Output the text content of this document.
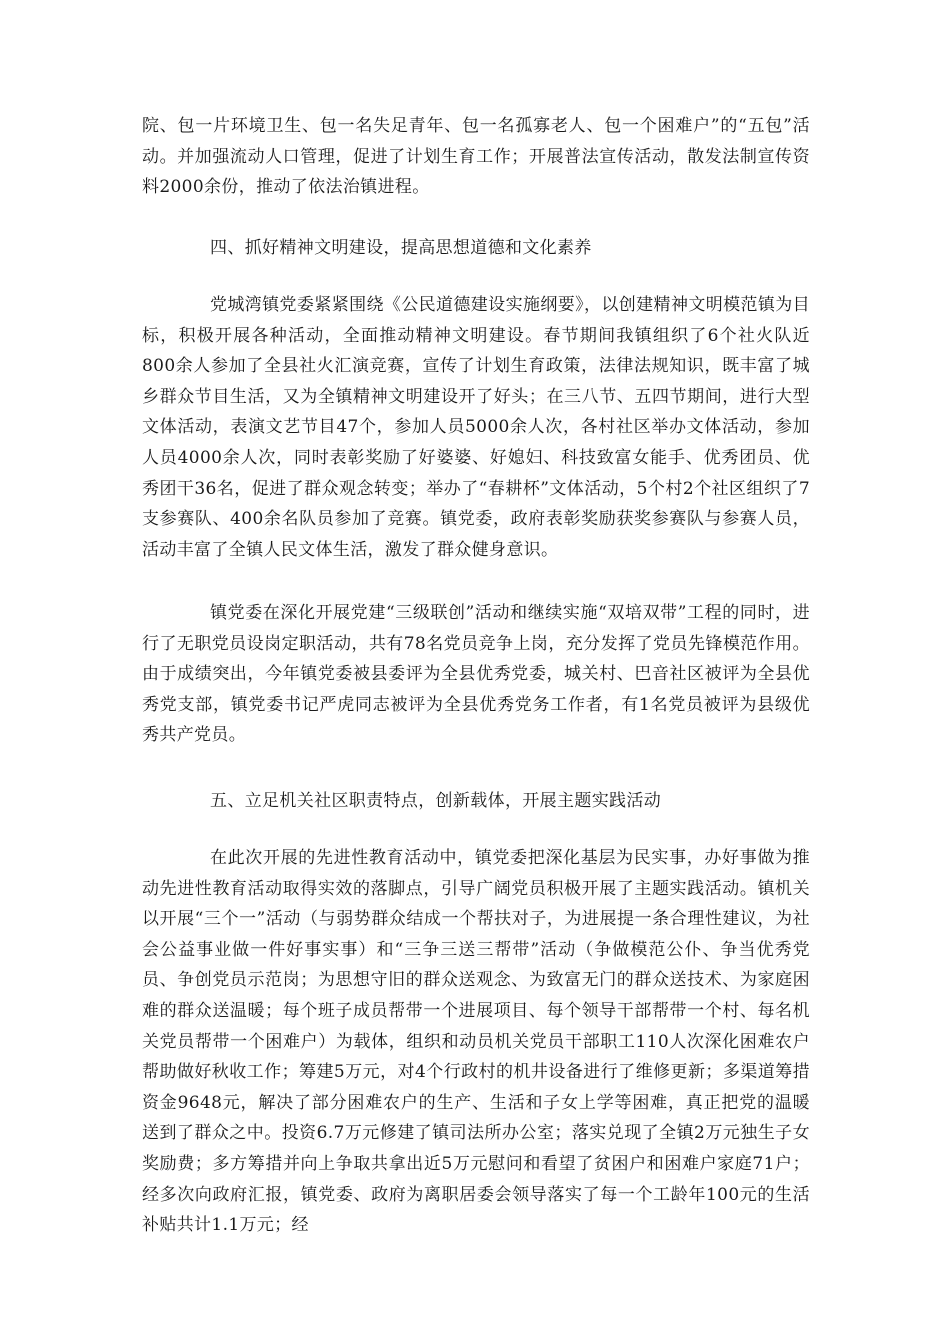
院、包一片环境卫生、包一名失足青年、包一名孤寡老人、包一个困难户”的“五包”活动。并加强流动人口管理，促进了计划生育工作；开展普法宣传活动，散发法制宣传资料2000余份，推动了依法治镇进程。

四、抓好精神文明建设，提高思想道德和文化素养

党城湾镇党委紧紧围绕《公民道德建设实施纲要》，以创建精神文明模范镇为目标，积极开展各种活动，全面推动精神文明建设。春节期间我镇组织了6个社火队近800余人参加了全县社火汇演竞赛，宣传了计划生育政策，法律法规知识，既丰富了城乡群众节目生活，又为全镇精神文明建设开了好头；在三八节、五四节期间，进行大型文体活动，表演文艺节目47个，参加人员5000余人次，各村社区举办文体活动，参加人员4000余人次，同时表彰奖励了好婆婆、好媳妇、科技致富女能手、优秀团员、优秀团干36名，促进了群众观念转变；举办了“春耕杯”文体活动，5个村2个社区组织了7支参赛队、400余名队员参加了竞赛。镇党委，政府表彰奖励获奖参赛队与参赛人员，活动丰富了全镇人民文体生活，激发了群众健身意识。

镇党委在深化开展党建“三级联创”活动和继续实施“双培双带”工程的同时，进行了无职党员设岗定职活动，共有78名党员竞争上岗，充分发挥了党员先锋模范作用。由于成绩突出，今年镇党委被县委评为全县优秀党委，城关村、巴音社区被评为全县优秀党支部，镇党委书记严虎同志被评为全县优秀党务工作者，有1名党员被评为县级优秀共产党员。

五、立足机关社区职责特点，创新载体，开展主题实践活动

在此次开展的先进性教育活动中，镇党委把深化基层为民实事，办好事做为推动先进性教育活动取得实效的落脚点，引导广阔党员积极开展了主题实践活动。镇机关以开展“三个一”活动（与弱势群众结成一个帮扶对子，为进展提一条合理性建议，为社会公益事业做一件好事实事）和“三争三送三帮带”活动（争做模范公仆、争当优秀党员、争创党员示范岗；为思想守旧的群众送观念、为致富无门的群众送技术、为家庭困难的群众送温暖；每个班子成员帮带一个进展项目、每个领导干部帮带一个村、每名机关党员帮带一个困难户）为载体，组织和动员机关党员干部职工110人次深化困难农户帮助做好秋收工作；筹建5万元，对4个行政村的机井设备进行了维修更新；多渠道筹措资金9648元，解决了部分困难农户的生产、生活和子女上学等困难，真正把党的温暖送到了群众之中。投资6.7万元修建了镇司法所办公室；落实兑现了全镇2万元独生子女奖励费；多方筹措并向上争取共拿出近5万元慰问和看望了贫困户和困难户家庭71户；经多次向政府汇报，镇党委、政府为离职居委会领导落实了每一个工龄年100元的生活补贴共计1.1万元；经
